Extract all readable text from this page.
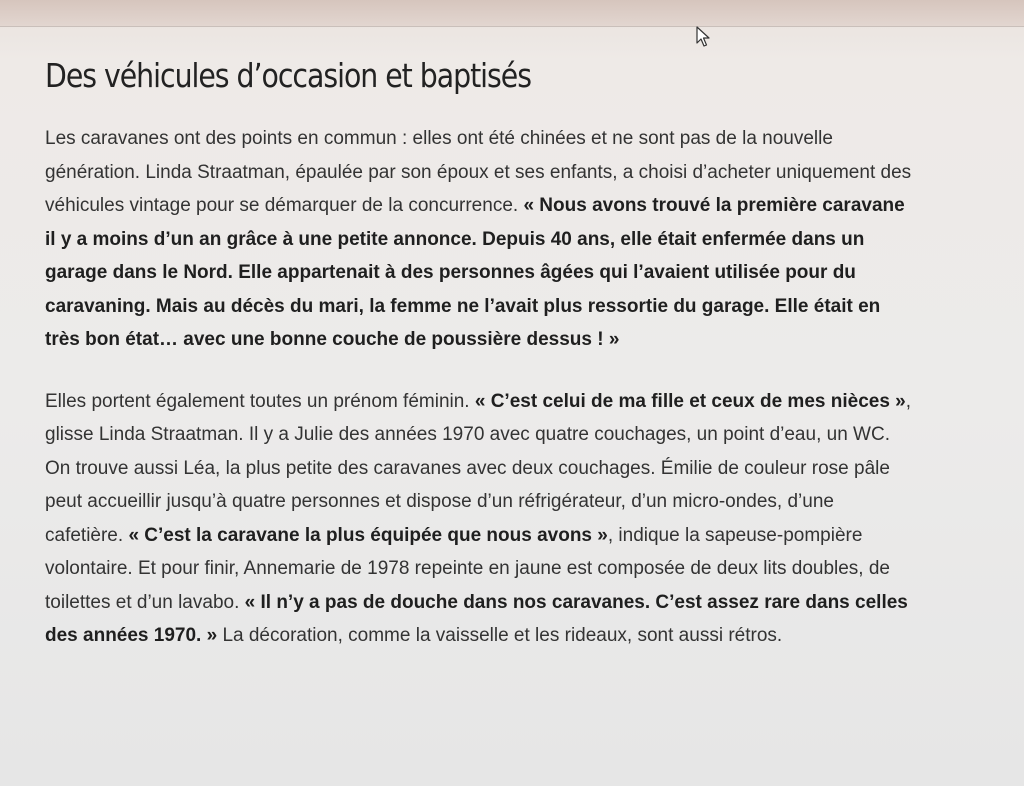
Des véhicules d’occasion et baptisés

Les caravanes ont des points en commun : elles ont été chinées et ne sont pas de la nouvelle génération. Linda Straatman, épaulée par son époux et ses enfants, a choisi d’acheter uniquement des véhicules vintage pour se démarquer de la concurrence. « Nous avons trouvé la première caravane il y a moins d’un an grâce à une petite annonce. Depuis 40 ans, elle était enfermée dans un garage dans le Nord. Elle appartenait à des personnes âgées qui l’avaient utilisée pour du caravaning. Mais au décès du mari, la femme ne l’avait plus ressortie du garage. Elle était en très bon état… avec une bonne couche de poussière dessus ! »

Elles portent également toutes un prénom féminin. « C’est celui de ma fille et ceux de mes nièces », glisse Linda Straatman. Il y a Julie des années 1970 avec quatre couchages, un point d’eau, un WC. On trouve aussi Léa, la plus petite des caravanes avec deux couchages. Émilie de couleur rose pâle peut accueillir jusqu’à quatre personnes et dispose d’un réfrigérateur, d’un micro-ondes, d’une cafetière. « C’est la caravane la plus équipée que nous avons », indique la sapeuse-pompière volontaire. Et pour finir, Annemarie de 1978 repeinte en jaune est composée de deux lits doubles, de toilettes et d’un lavabo. « Il n’y a pas de douche dans nos caravanes. C’est assez rare dans celles des années 1970. » La décoration, comme la vaisselle et les rideaux, sont aussi rétros.
